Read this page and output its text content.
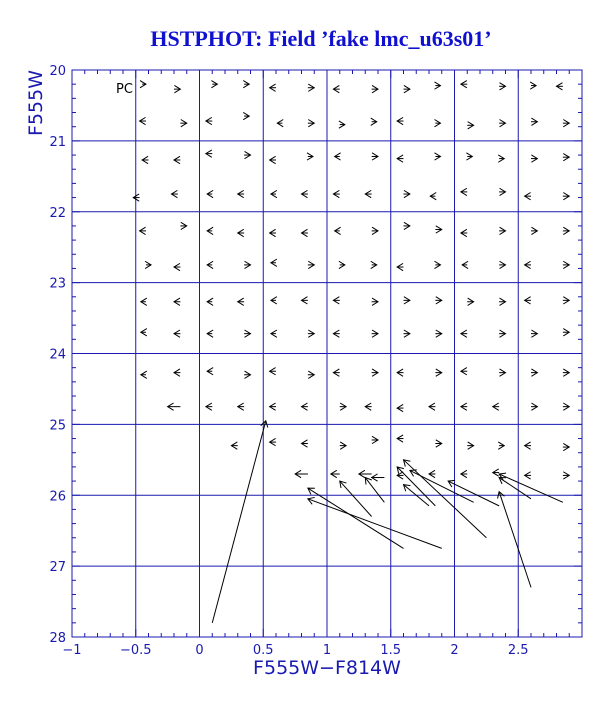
HSTPHOT: Field ’fake lmc_u63s01’
−1	−0.5	0	0.5	1	1.5	2	2.5
20
21
22
23
24
25
26
27
28
PC
F555W−F814W
F555W
